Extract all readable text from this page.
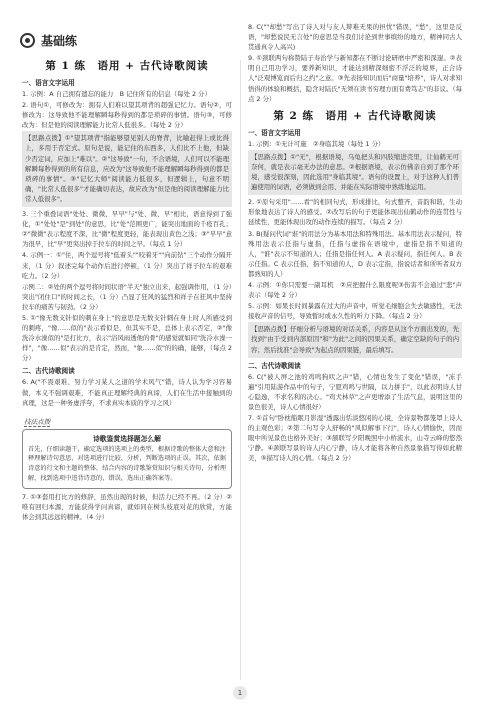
基础练
第 1 练　语用 + 古代诗歌阅读
一、语言文字运用

1. 示例：A 自己拥有遗忘的能力　B 记住所有的信息（每处 2 分）

2. 语句①，可修改为：拥有人们难以望其项背的超强记忆力。语句②，可修改为：这导致他不能理解瞬每秒得到的都是琐碎的事情。语句③，可修改为：但是他的阅读理解能力比常人低很多。（每处 2 分）

【思路点拨】①"望其项背"指能够望见别人的脊背，比喻赶得上或比得上，多用于否定式。原句是说，能记住的东西多，人们比不上他，但缺少否定词，应加上"难以"。②"这导致"一句，不合语境，人们可以不能理解瞬每秒得到的所有信息，应改为"这导致他不能理解瞬每秒得到的都是琐碎的事情"。③"记忆大师"阅读能力低很多，但逻辑上，句意不明确，"比常人低很多"才能确切表达，故应改为"但是他的阅读理解能力比常人低很多"。

3. 三个重叠词语"处处、微微、早早"与"处、微、早"相比，语意得到了强化，①"处处"是"到处"的意思，比"处"范围更广，能突出地面的千疮百孔；②"微微"表示程度不深，比"微"程度更轻，能表现出黄色之浅；③"早早"意为很早，比"早"更突出掉于拉车的时间之早。（每点 1 分）

4. 示例一：①"住，两个逗号将"低着头""咬着牙""向前钻"三个动作分隔开来，（1 分）叙述完每个动作后进行停顿，（1 分）突出了祥子拉车的艰难吃力。（2 分）

示例二：②处的两个逗号将时间状语"半天"独立出来，起强调作用，（1 分）突出"闭住口"的时间之长，（1 分）凸显了狂风的猛烈和祥子在狂风中坚持拉车的痛苦与韧劲。（2 分）

5. ①"像无数支针似的刺在身上"的意思是无数支针刺在身上时人所感受到的刺疼，"像……似的"表示看似是，但其实不是，总体上表示否定，②"像洗冷水澡似的"是打比方，表示"浴风雨透他的骨"的感觉就如同"洗冷水澡一样"，"像……似"表示的是肯定，然而，"象……似"的的确，能够，（每点 2 分）

二、古代诗歌阅读

6. A("不畏艰难、努力学习某人之道的学术风气"错，诗人认为学习容易做，本义不强调艰难，不能真正理解经典的真谛，人们在生活中接触到的真理，这是一种务虚浮夸，不求真实本质的学习之风）

技法点拨
诗歌鉴赏选择题怎么解

首先，仔细读题干，确定选项的选项上的类型，根据诗歌的整体大意和注释理解诗句意思，对选项进行比较、分析，判断选项的正误。其次，依据诗意的行文和主题的整体，结合内容的诗歌鉴赏知识与相关诗句，分析理解，找到选项中违背诗意的，错误，选出正确答案等。

7. ①③套用打比方的修辞，虽然出现的时候，但活力已经不再。（2 分）②唯有回归本源，方能获得学问真谛，就如同在树头枝底对花的欣赏，方能体会到其远远的精神。（4 分）

8. C(""却愁"写出了诗人对与友人辩难无果的担忧"错误，"愁"，这里是反语，"却愁说民无言处"的意思是当我们讨论到世事缤纷的地方，精神同古人贯通真令人高兴)

9. ①颈联两句称赞陆子寿治学与新知都在不断讨论研磨中严密和深邃。②表明自己用功学习，要养新知识，才能达到精深细密不浮泛的境界，正合诗人"泛观博览而后归之约"之意。③先表扬知识而后"商量"培养"，诗人对求知悟得的体验和概括，隐含对陆氏"无须在读书穷理方面有费笃志"的非议。（每点 2 分）

第 2 练　语用 + 古代诗歌阅读
一、语言文字运用

1. 示例：①无计可施　②身临其境（每处 1 分）

【思路点拨】①"无"，根据语境，乌龟把头和四肢缩进壳里，让仙鹤无可奈何，就是表示毫无办法的意思。②根据语境，表示仿佛亲自到了那个环境，感受很深刻，因此选用"身临其境"。语句的设置上，对于这种人们普遍使用的词语，必须做到会用、并能在实际语境中熟练地运用。

2. ①原句采用"……看"的相同句式，形成排比，句式整齐，音韵和谐，生动形象地表达了诗人的感受。②改写后的句子更能体现出仙鹤动作的连贯性与延续性，更能体现出攻的动作连续的描写。（每点 2 分）

3. B(疑问代词"谁"的用法分为基本用法和特殊用法。基本用法表示疑问，特殊用法表示任指与虚指，任指与虚指在语境中，虚指是指不知道的人，"谁"表示不知道的人；任指是指任何人。A 表示疑问，指任何人。B 表示任指。C 表示任指，指不知道的人，D 表示定指，指说话者和所听者双方都熟知的人）

4. 示例：①你只需要一副耳机　②应把握什么限度呢③伤害不会通过"悲"声表示（每处 2 分）

5. 示例：如果长时间暴露在过大的声音中，听觉毛细胞会失去敏感性，无法接收声音的信号，导致暂时或永久性的听力下降。（每点 2 分）

【思路点拨】仔细分析与语境的对话关系，内容是从这个方面出发的，先找到"由于受到内部原因"和"为此"之间的因果关系，确定空缺的句子的内容；然后找准"会导致"为起点的因果链，最后填写。

二、古代诗歌阅读

6. C("被人屏之池的鸡鸣狗吠之声"错，心情也发生了变化"错误，"冻手遍"引用陆游作品中的句子，宁愿鸡鸣与世隔，以力拼手"，以此表明诗人甘心隐逸，不求名利的决心。"鸡犬林草"之声更增添了生活气息，说明这里的景色很美，诗人心情很好）

7. ①首句"卧枕船眠月影湿"透露出恬淡悠闲的心境，全诗景物都笼罩上诗人的主观色彩；②第二句写令人舒畅的"风似解事下行"，诗人心情愉快，因而眼中所见景色也格外美好；③颔联写夕阳晚照中小桥流水，山寺云峰的悠然宁静。④颈联写景的诗人内心宁静，诗人才能将各种自然景象描写得如此精美，⑤描写诗人的心情。（每点 2 分）

1
